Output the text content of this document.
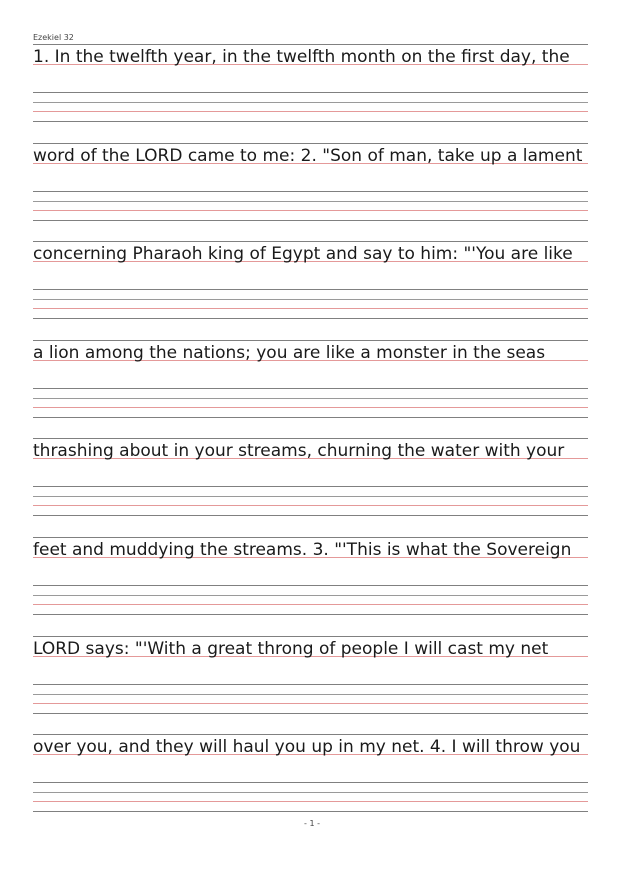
Ezekiel 32
1. In the twelfth year, in the twelfth month on the first day, the
word of the LORD came to me: 2. "Son of man, take up a lament
concerning Pharaoh king of Egypt and say to him: "'You are like
a lion among the nations; you are like a monster in the seas
thrashing about in your streams, churning the water with your
feet and muddying the streams. 3. "'This is what the Sovereign
LORD says: "'With a great throng of people I will cast my net
over you, and they will haul you up in my net. 4. I will throw you
- 1 -
